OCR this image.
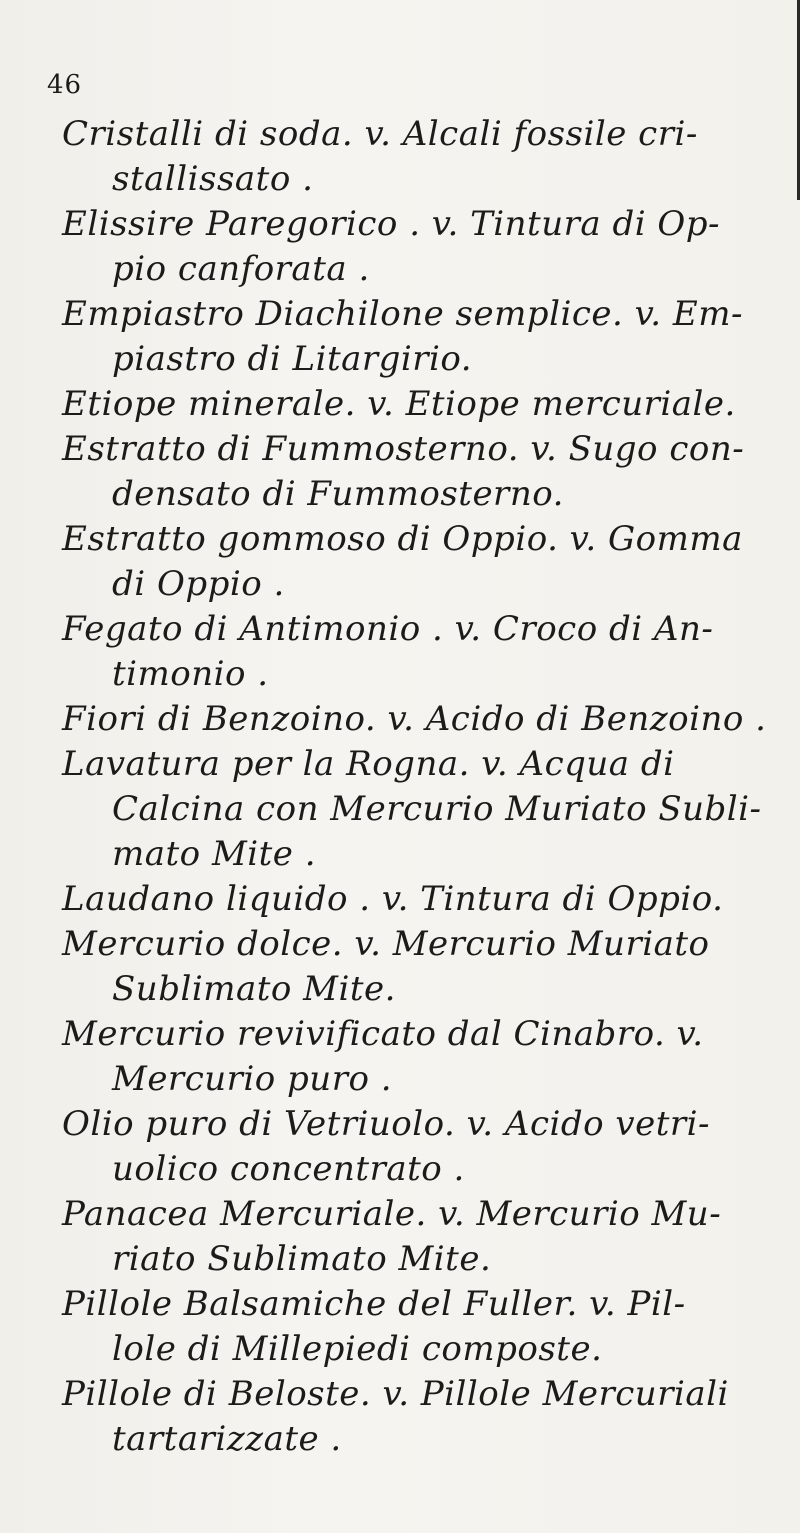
46
Cristalli di soda. v. Alcali fossile cri-
stallissato .
Elissire Paregorico . v. Tintura di Op-
pio canforata .
Empiastro Diachilone semplice. v. Em-
piastro di Litargirio.
Etiope minerale. v. Etiope mercuriale.
Estratto di Fummosterno. v. Sugo con-
densato di Fummosterno.
Estratto gommoso di Oppio. v. Gomma
di Oppio .
Fegato di Antimonio . v. Croco di An-
timonio .
Fiori di Benzoino. v. Acido di Benzoino .
Lavatura per la Rogna. v. Acqua di
Calcina con Mercurio Muriato Subli-
mato Mite .
Laudano liquido . v. Tintura di Oppio.
Mercurio dolce. v. Mercurio Muriato
Sublimato Mite.
Mercurio revivificato dal Cinabro. v.
Mercurio puro .
Olio puro di Vetriuolo. v. Acido vetri-
uolico concentrato .
Panacea Mercuriale. v. Mercurio Mu-
riato Sublimato Mite.
Pillole Balsamiche del Fuller. v. Pil-
lole di Millepiedi composte.
Pillole di Beloste. v. Pillole Mercuriali
tartarizzate .
